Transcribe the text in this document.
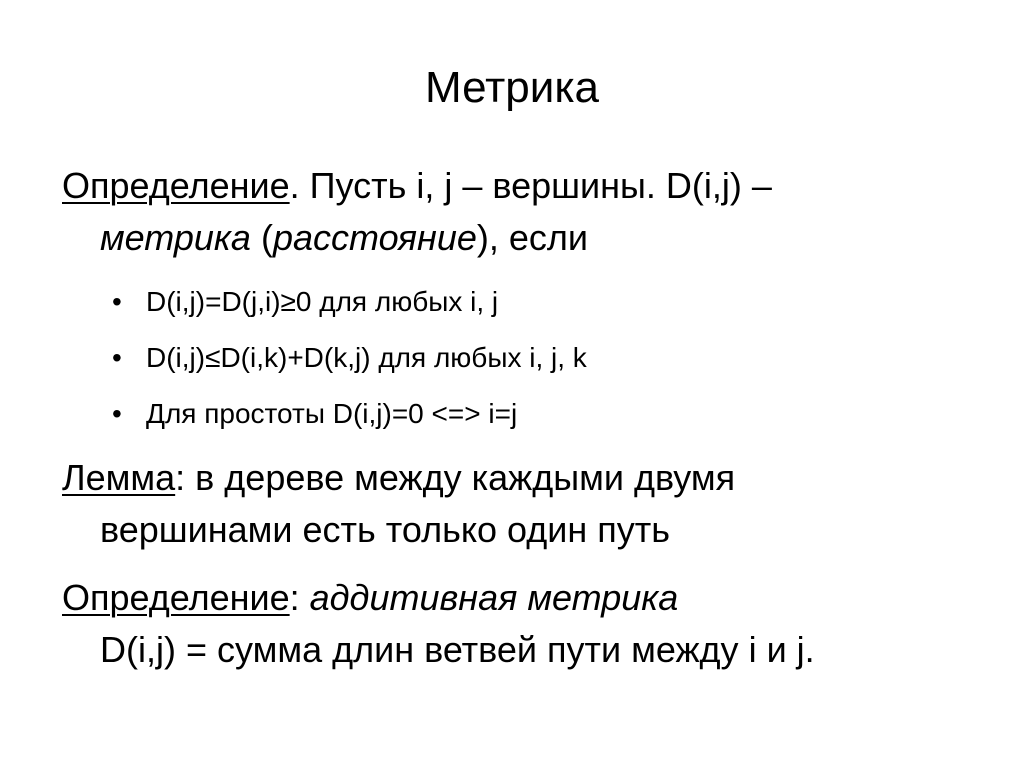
Метрика
Определение. Пусть i, j – вершины. D(i,j) –
метрика (расстояние), если
• D(i,j)=D(j,i)≥0 для любых i, j
• D(i,j)≤D(i,k)+D(k,j) для любых i, j, k
• Для простоты D(i,j)=0 <=> i=j
Лемма: в дереве между каждыми двумя
вершинами есть только один путь
Определение: аддитивная метрика
D(i,j) = сумма длин ветвей пути между i и j.
